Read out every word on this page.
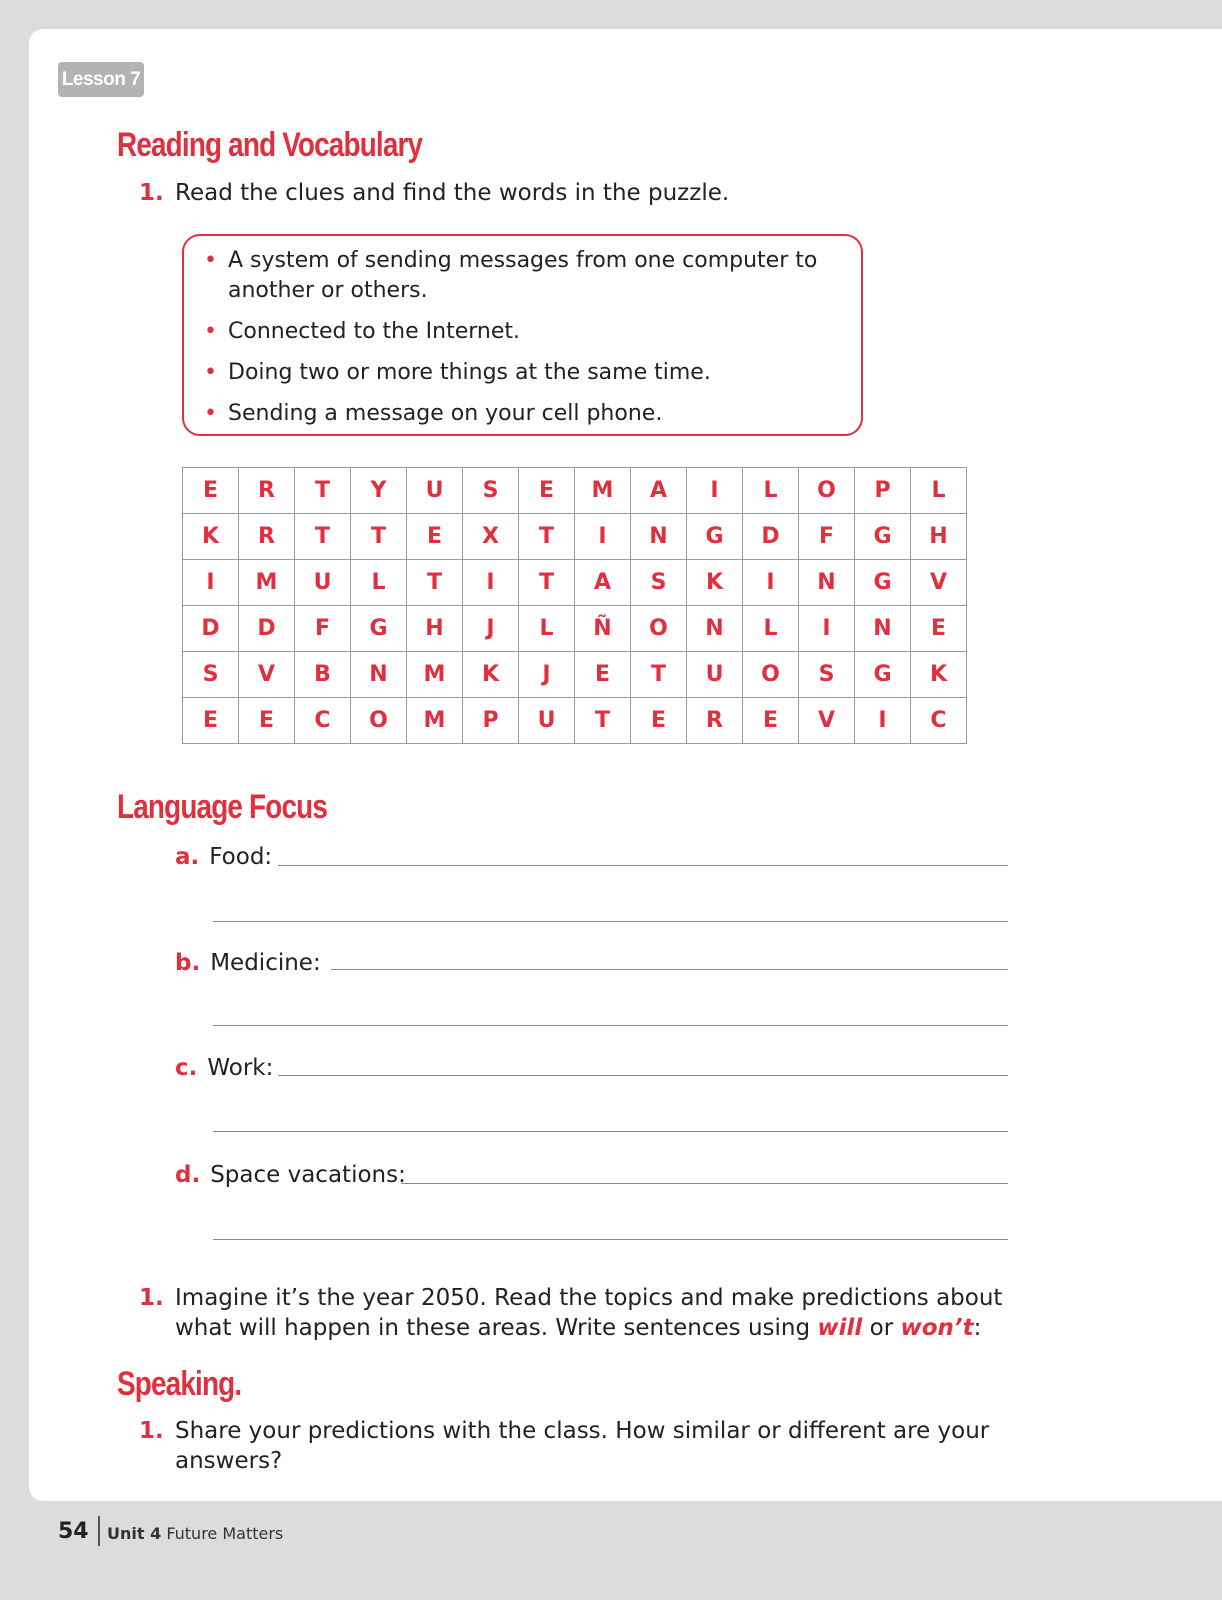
Lesson 7
Reading and Vocabulary
1. Read the clues and find the words in the puzzle.
• A system of sending messages from one computer to another or others.
• Connected to the Internet.
• Doing two or more things at the same time.
• Sending a message on your cell phone.
E	R	T	Y	U	S	E	M	A	I	L	O	P	L
K	R	T	T	E	X	T	I	N	G	D	F	G	H
I	M	U	L	T	I	T	A	S	K	I	N	G	V
D	D	F	G	H	J	L	Ñ	O	N	L	I	N	E
S	V	B	N	M	K	J	E	T	U	O	S	G	K
E	E	C	O	M	P	U	T	E	R	E	V	I	C
Language Focus
a. Food:
b. Medicine:
c. Work:
d. Space vacations:
1. Imagine it’s the year 2050. Read the topics and make predictions about what will happen in these areas. Write sentences using will or won’t:
Speaking.
1. Share your predictions with the class. How similar or different are your answers?
54 Unit 4 Future Matters
